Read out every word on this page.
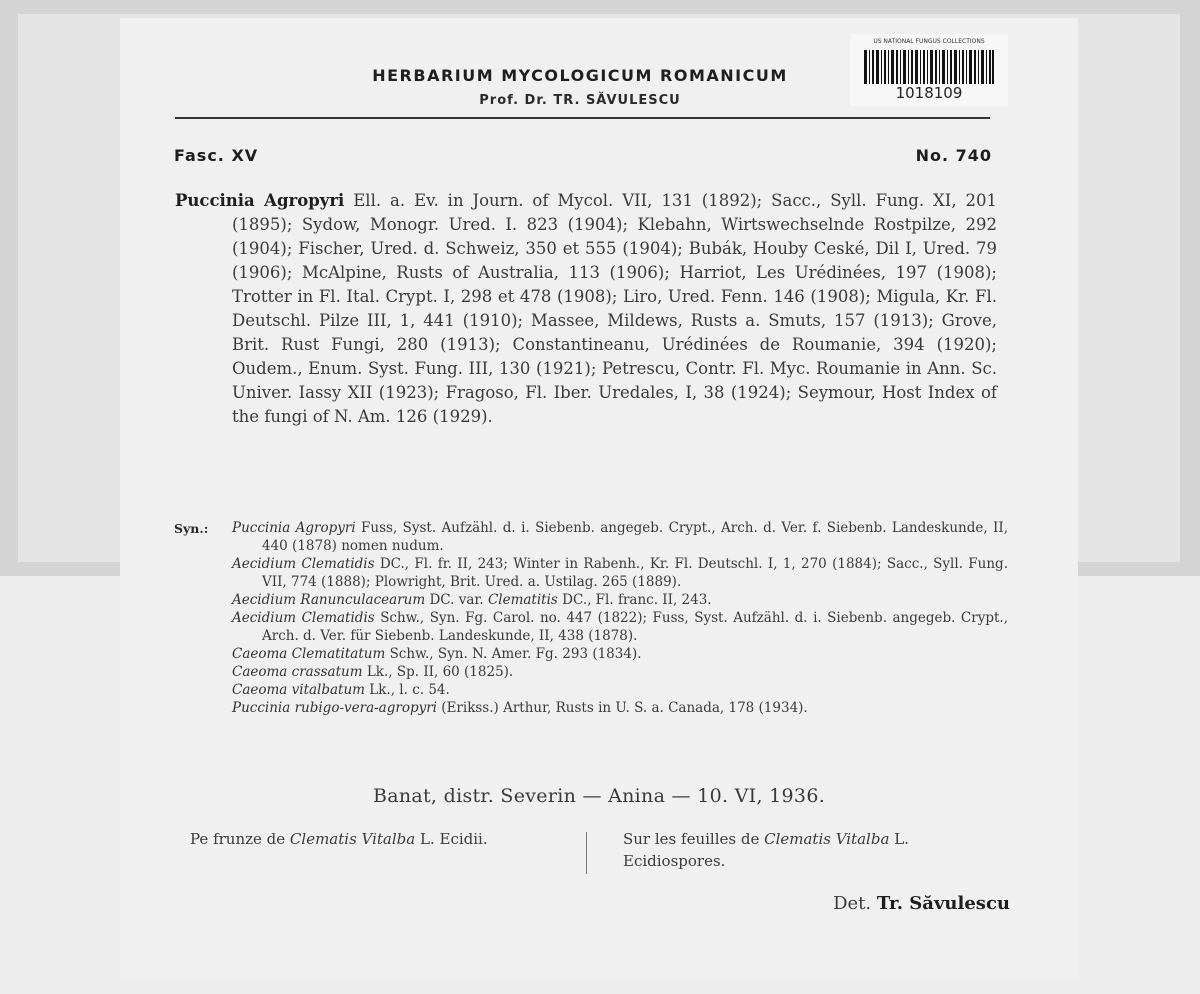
HERBARIUM MYCOLOGICUM ROMANICUM
Prof. Dr. TR. SĂVULESCU
US NATIONAL FUNGUS COLLECTIONS
1018109
Fasc. XV	No. 740
Puccinia Agropyri Ell. a. Ev. in Journ. of Mycol. VII, 131 (1892); Sacc., Syll. Fung. XI, 201 (1895); Sydow, Monogr. Ured. I. 823 (1904); Klebahn, Wirtswechselnde Rostpilze, 292 (1904); Fischer, Ured. d. Schweiz, 350 et 555 (1904); Bubák, Houby Ceské, Dil I, Ured. 79 (1906); McAlpine, Rusts of Australia, 113 (1906); Harriot, Les Urédinées, 197 (1908); Trotter in Fl. Ital. Crypt. I, 298 et 478 (1908); Liro, Ured. Fenn. 146 (1908); Migula, Kr. Fl. Deutschl. Pilze III, 1, 441 (1910); Massee, Mildews, Rusts a. Smuts, 157 (1913); Grove, Brit. Rust Fungi, 280 (1913); Constantineanu, Urédinées de Roumanie, 394 (1920); Oudem., Enum. Syst. Fung. III, 130 (1921); Petrescu, Contr. Fl. Myc. Roumanie in Ann. Sc. Univer. Iassy XII (1923); Fragoso, Fl. Iber. Uredales, I, 38 (1924); Seymour, Host Index of the fungi of N. Am. 126 (1929).
Syn.: Puccinia Agropyri Fuss, Syst. Aufzähl. d. i. Siebenb. angegeb. Crypt., Arch. d. Ver. f. Siebenb. Landeskunde, II, 440 (1878) nomen nudum.
Aecidium Clematidis DC., Fl. fr. II, 243; Winter in Rabenh., Kr. Fl. Deutschl. I, 1, 270 (1884); Sacc., Syll. Fung. VII, 774 (1888); Plowright, Brit. Ured. a. Ustilag. 265 (1889).
Aecidium Ranunculacearum DC. var. Clematitis DC., Fl. franc. II, 243.
Aecidium Clematidis Schw., Syn. Fg. Carol. no. 447 (1822); Fuss, Syst. Aufzähl. d. i. Siebenb. angegeb. Crypt., Arch. d. Ver. für Siebenb. Landeskunde, II, 438 (1878).
Caeoma Clematitatum Schw., Syn. N. Amer. Fg. 293 (1834).
Caeoma crassatum Lk., Sp. II, 60 (1825).
Caeoma vitalbatum Lk., l. c. 54.
Puccinia rubigo-vera-agropyri (Erikss.) Arthur, Rusts in U. S. a. Canada, 178 (1934).
Banat, distr. Severin — Anina — 10. VI, 1936.
Pe frunze de Clematis Vitalba L. Ecidii.	Sur les feuilles de Clematis Vitalba L. Ecidiospores.
Det. Tr. Săvulescu
